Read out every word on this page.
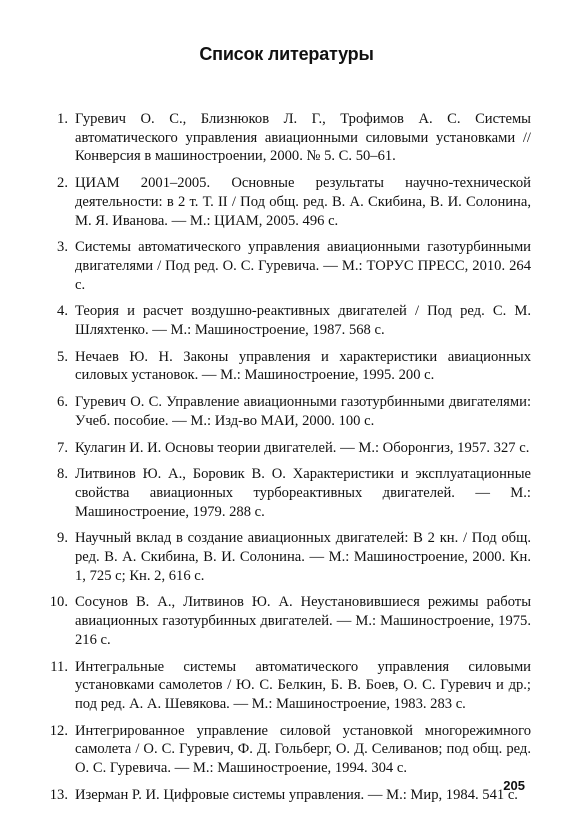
Список литературы
1. Гуревич О. С., Близнюков Л. Г., Трофимов А. С. Системы автоматического управления авиационными силовыми установками // Конверсия в машиностроении, 2000. № 5. С. 50–61.
2. ЦИАМ 2001–2005. Основные результаты научно-технической деятельности: в 2 т. Т. II / Под общ. ред. В. А. Скибина, В. И. Солонина, М. Я. Иванова. — М.: ЦИАМ, 2005. 496 с.
3. Системы автоматического управления авиационными газотурбинными двигателями / Под ред. О. С. Гуревича. — М.: ТОРУС ПРЕСС, 2010. 264 с.
4. Теория и расчет воздушно-реактивных двигателей / Под ред. С. М. Шляхтенко. — М.: Машиностроение, 1987. 568 с.
5. Нечаев Ю. Н. Законы управления и характеристики авиационных силовых установок. — М.: Машиностроение, 1995. 200 с.
6. Гуревич О. С. Управление авиационными газотурбинными двигателями: Учеб. пособие. — М.: Изд-во МАИ, 2000. 100 с.
7. Кулагин И. И. Основы теории двигателей. — М.: Оборонгиз, 1957. 327 с.
8. Литвинов Ю. А., Боровик В. О. Характеристики и эксплуатационные свойства авиационных турбореактивных двигателей. — М.: Машиностроение, 1979. 288 с.
9. Научный вклад в создание авиационных двигателей: В 2 кн. / Под общ. ред. В. А. Скибина, В. И. Солонина. — М.: Машиностроение, 2000. Кн. 1, 725 с; Кн. 2, 616 с.
10. Сосунов В. А., Литвинов Ю. А. Неустановившиеся режимы работы авиационных газотурбинных двигателей. — М.: Машиностроение, 1975. 216 с.
11. Интегральные системы автоматического управления силовыми установками самолетов / Ю. С. Белкин, Б. В. Боев, О. С. Гуревич и др.; под ред. А. А. Шевякова. — М.: Машиностроение, 1983. 283 с.
12. Интегрированное управление силовой установкой многорежимного самолета / О. С. Гуревич, Ф. Д. Гольберг, О. Д. Селиванов; под общ. ред. О. С. Гуревича. — М.: Машиностроение, 1994. 304 с.
13. Изерман Р. И. Цифровые системы управления. — М.: Мир, 1984. 541 с.
205
